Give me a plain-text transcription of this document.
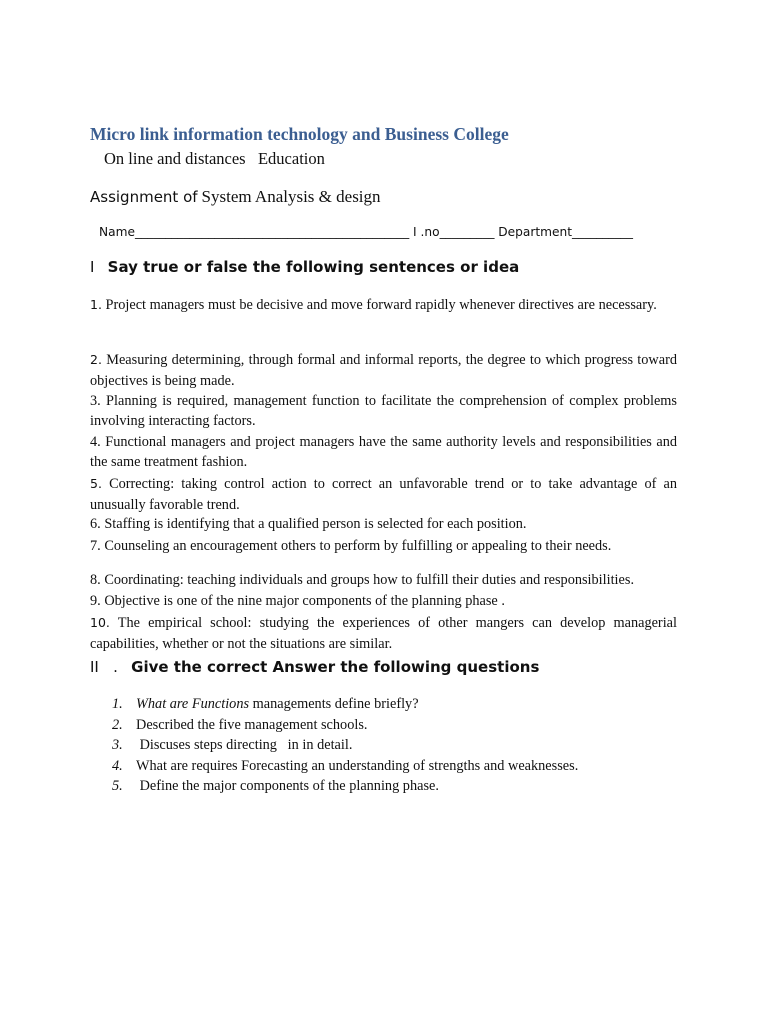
Micro link information technology and Business College
On line and distances   Education
Assignment of System Analysis & design
Name_____________________________________________ I .no_________ Department__________
I Say true or false the following sentences or idea
1. Project managers must be decisive and move forward rapidly whenever directives are necessary.
2. Measuring determining, through formal and informal reports, the degree to which progress toward objectives is being made.
3. Planning is required, management function to facilitate the comprehension of complex problems   involving interacting factors.
4. Functional managers and project managers have the same authority levels and responsibilities and the same treatment fashion.
5. Correcting: taking control action to correct an unfavorable trend or to take advantage of an unusually favorable trend.
6. Staffing is identifying that a qualified person is selected for each position.
7. Counseling an encouragement others to perform by fulfilling or appealing to their needs.
8. Coordinating: teaching individuals and groups how to fulfill their duties and responsibilities.
9. Objective is one of the nine major components of the planning phase .
10. The empirical school: studying the experiences of other mangers can develop managerial capabilities, whether or not the situations are similar.
II   . Give the correct Answer the following questions
1. What are Functions managements define briefly?
2. Described the five management schools.
3. Discuses steps directing   in in detail.
4. What are requires Forecasting an understanding of strengths and weaknesses.
5. Define the major components of the planning phase.
